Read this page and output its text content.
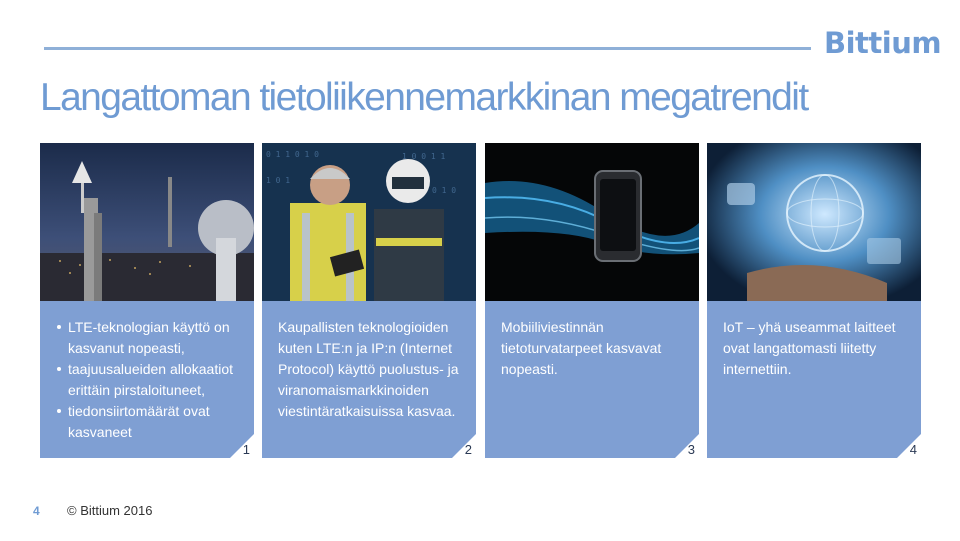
Bittium
Langattoman tietoliikennemarkkinan megatrendit
LTE-teknologian käyttö on kasvanut nopeasti,
taajuusalueiden allokaatiot erittäin pirstaloituneet,
tiedonsiirtomäärät ovat kasvaneet
1
0 1 1 0 1 0	1 0 0 1 1
1 0 1
0 1 0

Kaupallisten teknologioiden kuten LTE:n ja IP:n (Internet Protocol) käyttö puolustus- ja viranomaismarkkinoiden viestintäratkaisuissa kasvaa.

2

Mobiiliviestinnän tietoturvatarpeet kasvavat nopeasti.

3

IoT – yhä useammat laitteet ovat langattomasti liitetty internettiin.

4
4 © Bittium 2016
